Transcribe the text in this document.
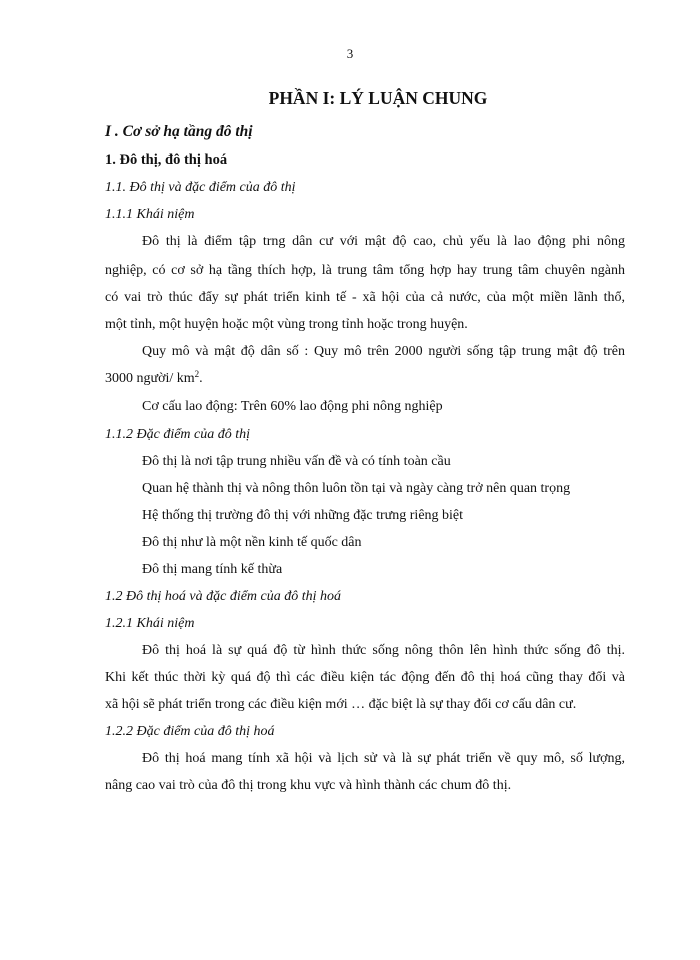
3

PHẦN I: LÝ LUẬN CHUNG

I . Cơ sở hạ tầng đô thị

1. Đô thị, đô thị hoá

1.1. Đô thị và đặc điểm của đô thị

1.1.1 Khái niệm

Đô thị là điểm tập trng dân cư với mật độ cao, chủ yếu là lao động phi nông

nghiệp, có cơ sở hạ tầng thích hợp, là trung tâm tổng hợp hay trung tâm chuyên ngành

có vai trò thúc đẩy sự phát triển kinh tế - xã hội của cả nước, của một miền lãnh thổ,

một tỉnh, một huyện hoặc một vùng trong tỉnh hoặc trong huyện.

Quy mô và mật độ dân số : Quy mô trên 2000 người sống tập trung mật độ trên

3000 người/ $km^2$.

Cơ cấu lao động: Trên 60% lao động phi nông nghiệp

1.1.2 Đặc điểm của đô thị

Đô thị là nơi tập trung nhiều vấn đề và có tính toàn cầu

Quan hệ thành thị và nông thôn luôn tồn tại và ngày càng trở nên quan trọng

Hệ thống thị trường đô thị với những đặc trưng riêng biệt

Đô thị như là một nền kinh tế quốc dân

Đô thị mang tính kế thừa

1.2 Đô thị hoá và đặc điểm của đô thị hoá

1.2.1 Khái niệm

Đô thị hoá là sự quá độ từ hình thức sống nông thôn lên hình thức sống đô thị.

Khi kết thúc thời kỳ quá độ thì các điều kiện tác động đến đô thị hoá cũng thay đổi và

xã hội sẽ phát triển trong các điều kiện mới … đặc biệt là sự thay đổi cơ cấu dân cư.

1.2.2 Đặc điểm của đô thị hoá

Đô thị hoá mang tính xã hội và lịch sử và là sự phát triển về quy mô, số lượng,

nâng cao vai trò của đô thị trong khu vực và hình thành các chum đô thị.
